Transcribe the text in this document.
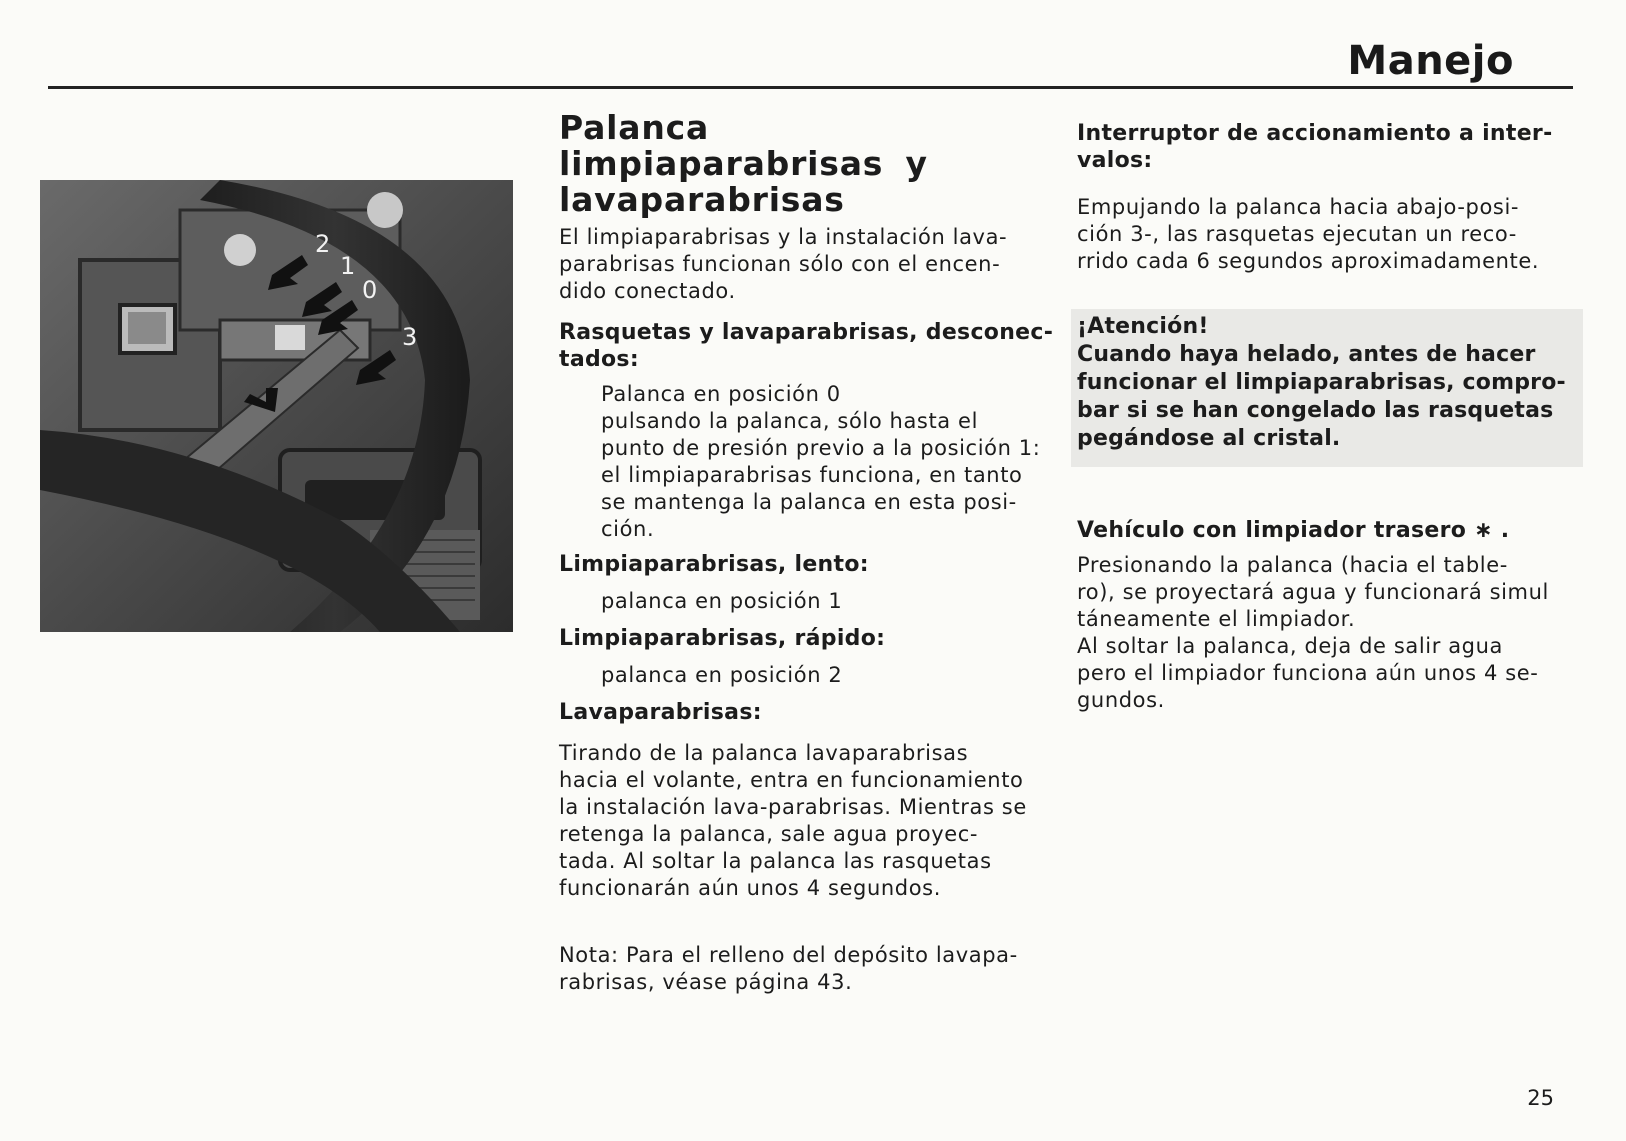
Manejo
2
1
0
3
Palanca limpiaparabrisas y
lavaparabrisas
El limpiaparabrisas y la instalación lava-
parabrisas funcionan sólo con el encen-
dido conectado.
Rasquetas y lavaparabrisas, desconec-
tados:
Palanca en posición 0
pulsando la palanca, sólo hasta el
punto de presión previo a la posición 1:
el limpiaparabrisas funciona, en tanto
se mantenga la palanca en esta posi-
ción.
Limpiaparabrisas, lento:
palanca en posición 1
Limpiaparabrisas, rápido:
palanca en posición 2
Lavaparabrisas:
Tirando de la palanca lavaparabrisas
hacia el volante, entra en funcionamiento
la instalación lava-parabrisas. Mientras se
retenga la palanca, sale agua proyec-
tada. Al soltar la palanca las rasquetas
funcionarán aún unos 4 segundos.
Nota: Para el relleno del depósito lavapa-
rabrisas, véase página 43.
Interruptor de accionamiento a inter-
valos:
Empujando la palanca hacia abajo-posi-
ción 3-, las rasquetas ejecutan un reco-
rrido cada 6 segundos aproximadamente.
¡Atención!
Cuando haya helado, antes de hacer
funcionar el limpiaparabrisas, compro-
bar si se han congelado las rasquetas
pegándose al cristal.
Vehículo con limpiador trasero ∗ .
Presionando la palanca (hacia el table-
ro), se proyectará agua y funcionará simul
táneamente el limpiador.
Al soltar la palanca, deja de salir agua
pero el limpiador funciona aún unos 4 se-
gundos.
25
